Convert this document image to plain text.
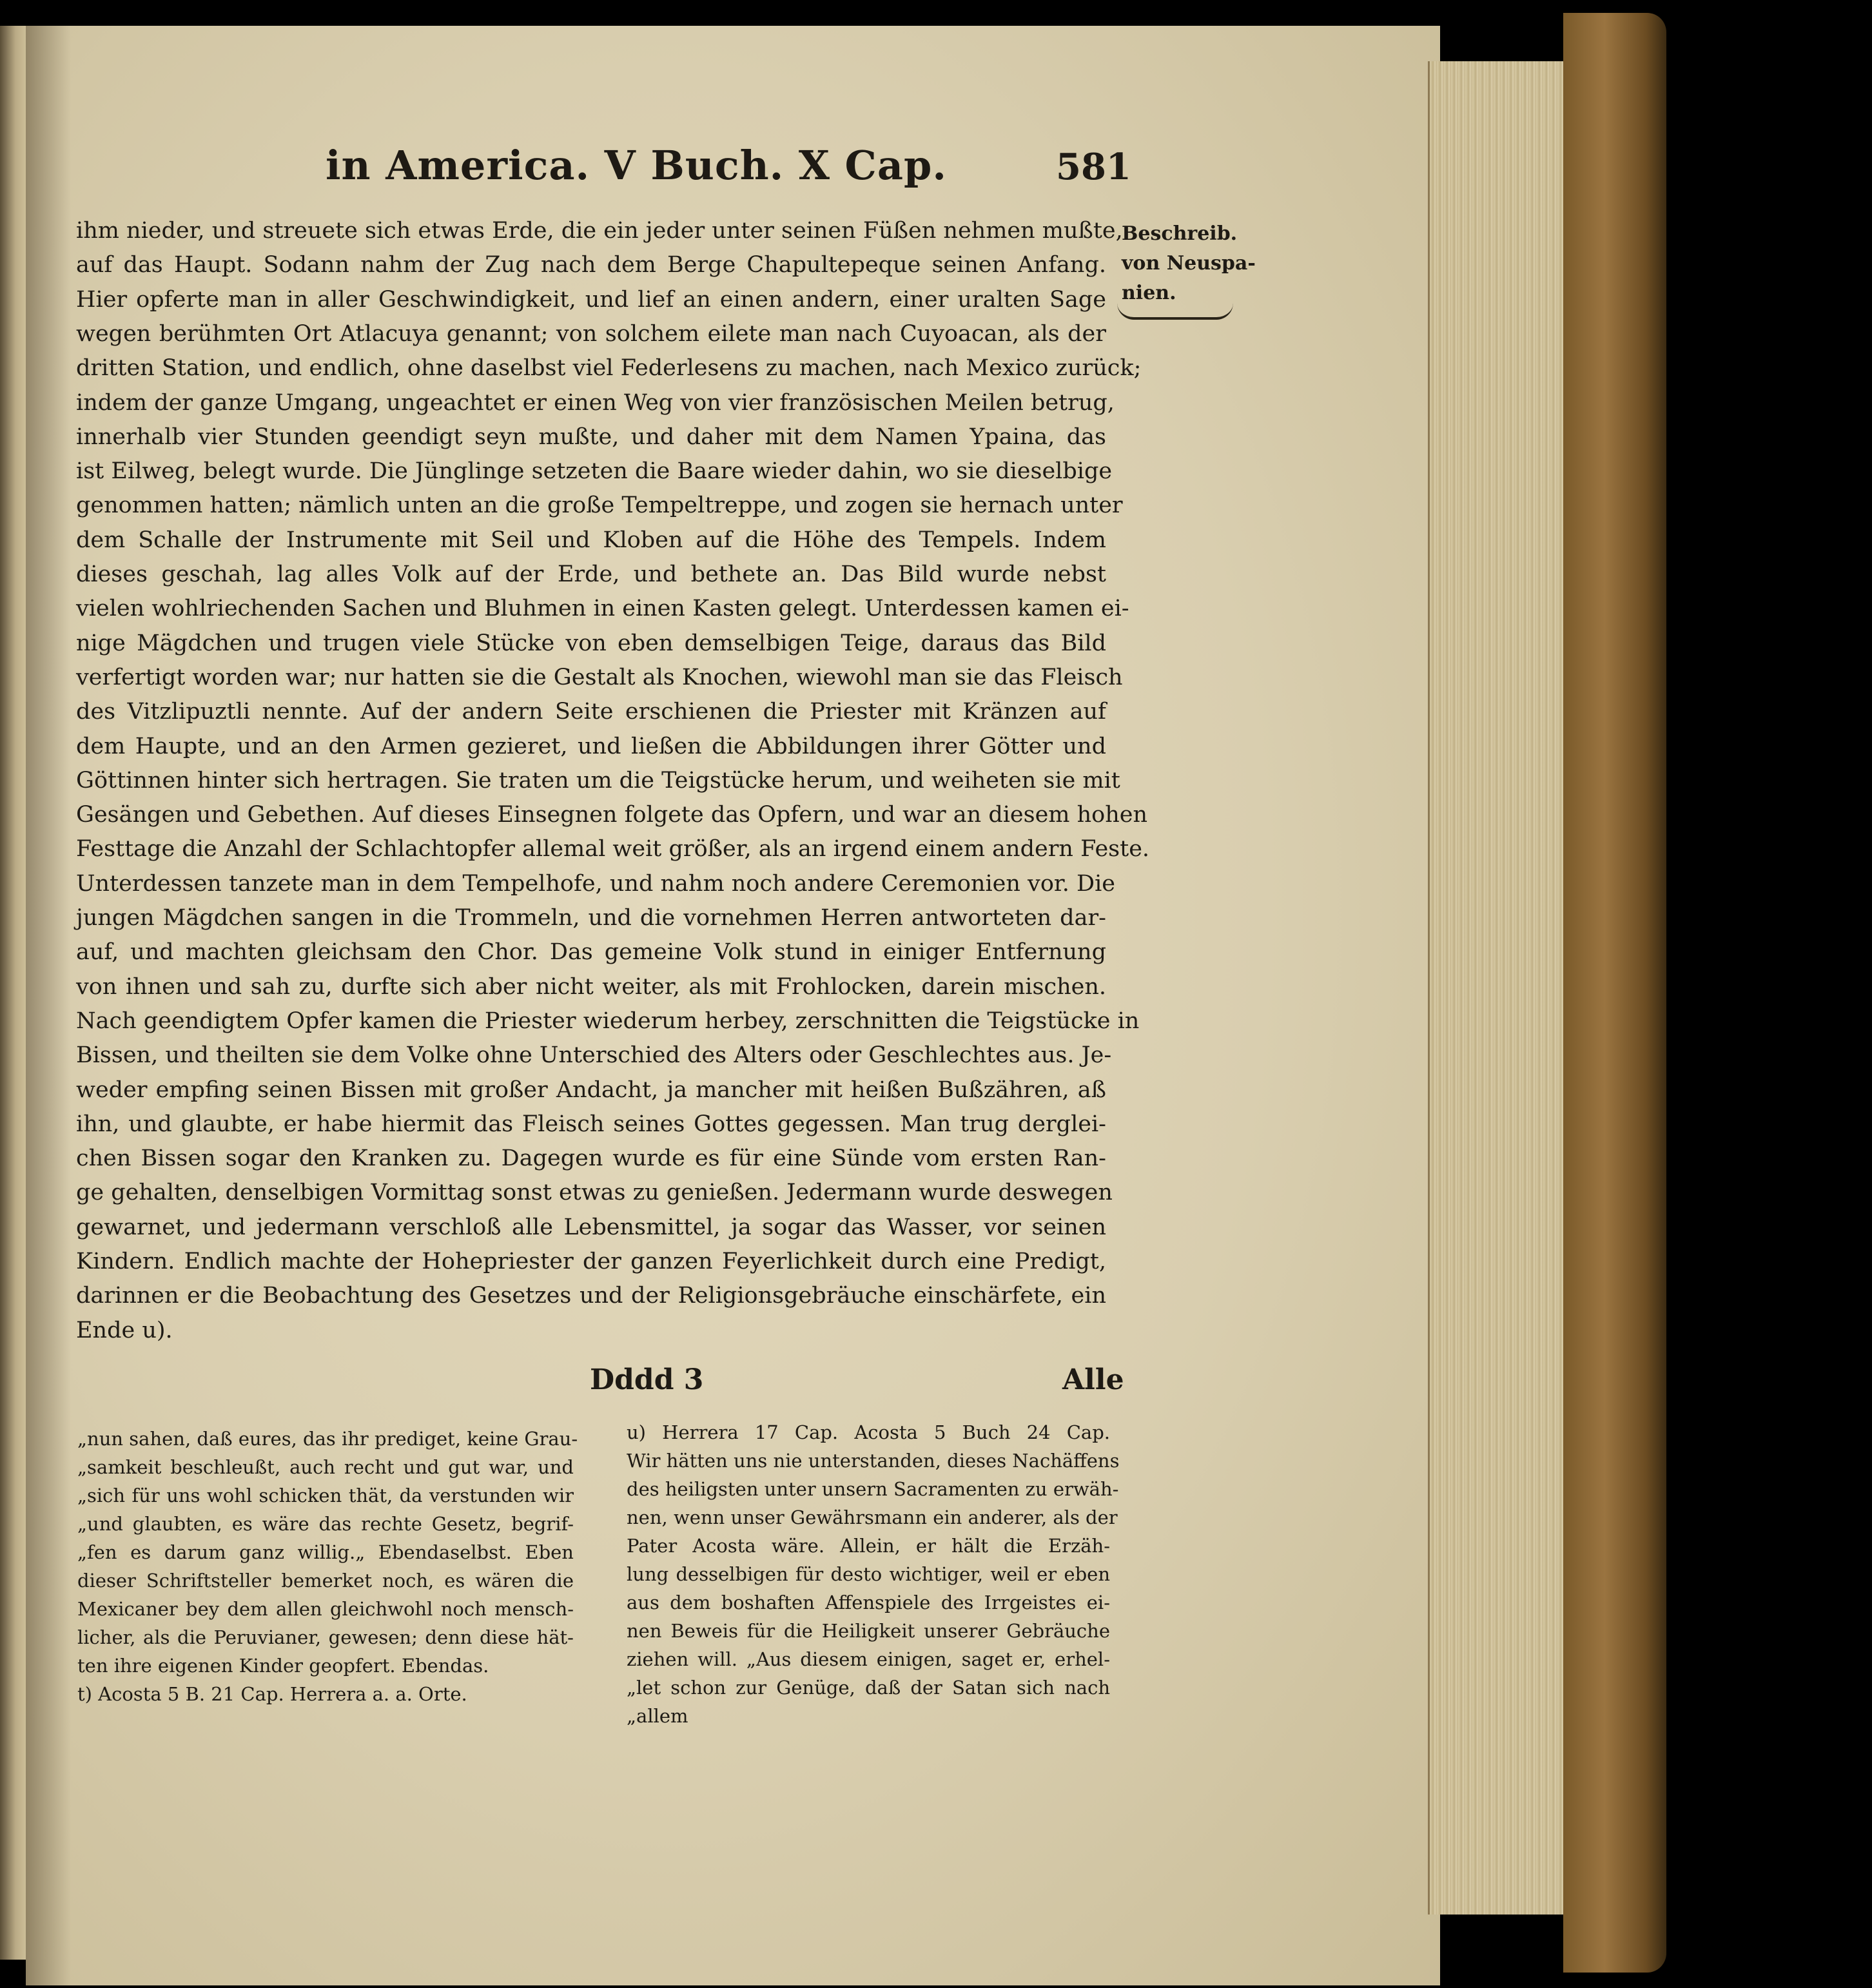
in America. V Buch. X Cap.	581
Beschreib.
von Neuspa-
nien.
ihm nieder, und streuete sich etwas Erde, die ein jeder unter seinen Füßen nehmen mußte,
auf das Haupt. Sodann nahm der Zug nach dem Berge Chapultepeque seinen Anfang.
Hier opferte man in aller Geschwindigkeit, und lief an einen andern, einer uralten Sage
wegen berühmten Ort Atlacuya genannt; von solchem eilete man nach Cuyoacan, als der
dritten Station, und endlich, ohne daselbst viel Federlesens zu machen, nach Mexico zurück;
indem der ganze Umgang, ungeachtet er einen Weg von vier französischen Meilen betrug,
innerhalb vier Stunden geendigt seyn mußte, und daher mit dem Namen Ypaina, das
ist Eilweg, belegt wurde. Die Jünglinge setzeten die Baare wieder dahin, wo sie dieselbige
genommen hatten; nämlich unten an die große Tempeltreppe, und zogen sie hernach unter
dem Schalle der Instrumente mit Seil und Kloben auf die Höhe des Tempels. Indem
dieses geschah, lag alles Volk auf der Erde, und bethete an. Das Bild wurde nebst
vielen wohlriechenden Sachen und Bluhmen in einen Kasten gelegt. Unterdessen kamen ei-
nige Mägdchen und trugen viele Stücke von eben demselbigen Teige, daraus das Bild
verfertigt worden war; nur hatten sie die Gestalt als Knochen, wiewohl man sie das Fleisch
des Vitzlipuztli nennte. Auf der andern Seite erschienen die Priester mit Kränzen auf
dem Haupte, und an den Armen gezieret, und ließen die Abbildungen ihrer Götter und
Göttinnen hinter sich hertragen. Sie traten um die Teigstücke herum, und weiheten sie mit
Gesängen und Gebethen. Auf dieses Einsegnen folgete das Opfern, und war an diesem hohen
Festtage die Anzahl der Schlachtopfer allemal weit größer, als an irgend einem andern Feste.
Unterdessen tanzete man in dem Tempelhofe, und nahm noch andere Ceremonien vor. Die
jungen Mägdchen sangen in die Trommeln, und die vornehmen Herren antworteten dar-
auf, und machten gleichsam den Chor. Das gemeine Volk stund in einiger Entfernung
von ihnen und sah zu, durfte sich aber nicht weiter, als mit Frohlocken, darein mischen.
Nach geendigtem Opfer kamen die Priester wiederum herbey, zerschnitten die Teigstücke in
Bissen, und theilten sie dem Volke ohne Unterschied des Alters oder Geschlechtes aus. Je-
weder empfing seinen Bissen mit großer Andacht, ja mancher mit heißen Bußzähren, aß
ihn, und glaubte, er habe hiermit das Fleisch seines Gottes gegessen. Man trug derglei-
chen Bissen sogar den Kranken zu. Dagegen wurde es für eine Sünde vom ersten Ran-
ge gehalten, denselbigen Vormittag sonst etwas zu genießen. Jedermann wurde deswegen
gewarnet, und jedermann verschloß alle Lebensmittel, ja sogar das Wasser, vor seinen
Kindern. Endlich machte der Hohepriester der ganzen Feyerlichkeit durch eine Predigt,
darinnen er die Beobachtung des Gesetzes und der Religionsgebräuche einschärfete, ein
Ende u).
Dddd 3	Alle
„nun sahen, daß eures, das ihr prediget, keine Grau-
„samkeit beschleußt, auch recht und gut war, und
„sich für uns wohl schicken thät, da verstunden wir
„und glaubten, es wäre das rechte Gesetz, begrif-
„fen es darum ganz willig.„ Ebendaselbst. Eben
dieser Schriftsteller bemerket noch, es wären die
Mexicaner bey dem allen gleichwohl noch mensch-
licher, als die Peruvianer, gewesen; denn diese hät-
ten ihre eigenen Kinder geopfert. Ebendas.
t) Acosta 5 B. 21 Cap. Herrera a. a. Orte.
u) Herrera 17 Cap. Acosta 5 Buch 24 Cap.
Wir hätten uns nie unterstanden, dieses Nachäffens
des heiligsten unter unsern Sacramenten zu erwäh-
nen, wenn unser Gewährsmann ein anderer, als der
Pater Acosta wäre. Allein, er hält die Erzäh-
lung desselbigen für desto wichtiger, weil er eben
aus dem boshaften Affenspiele des Irrgeistes ei-
nen Beweis für die Heiligkeit unserer Gebräuche
ziehen will. „Aus diesem einigen, saget er, erhel-
„let schon zur Genüge, daß der Satan sich nach
„allem
